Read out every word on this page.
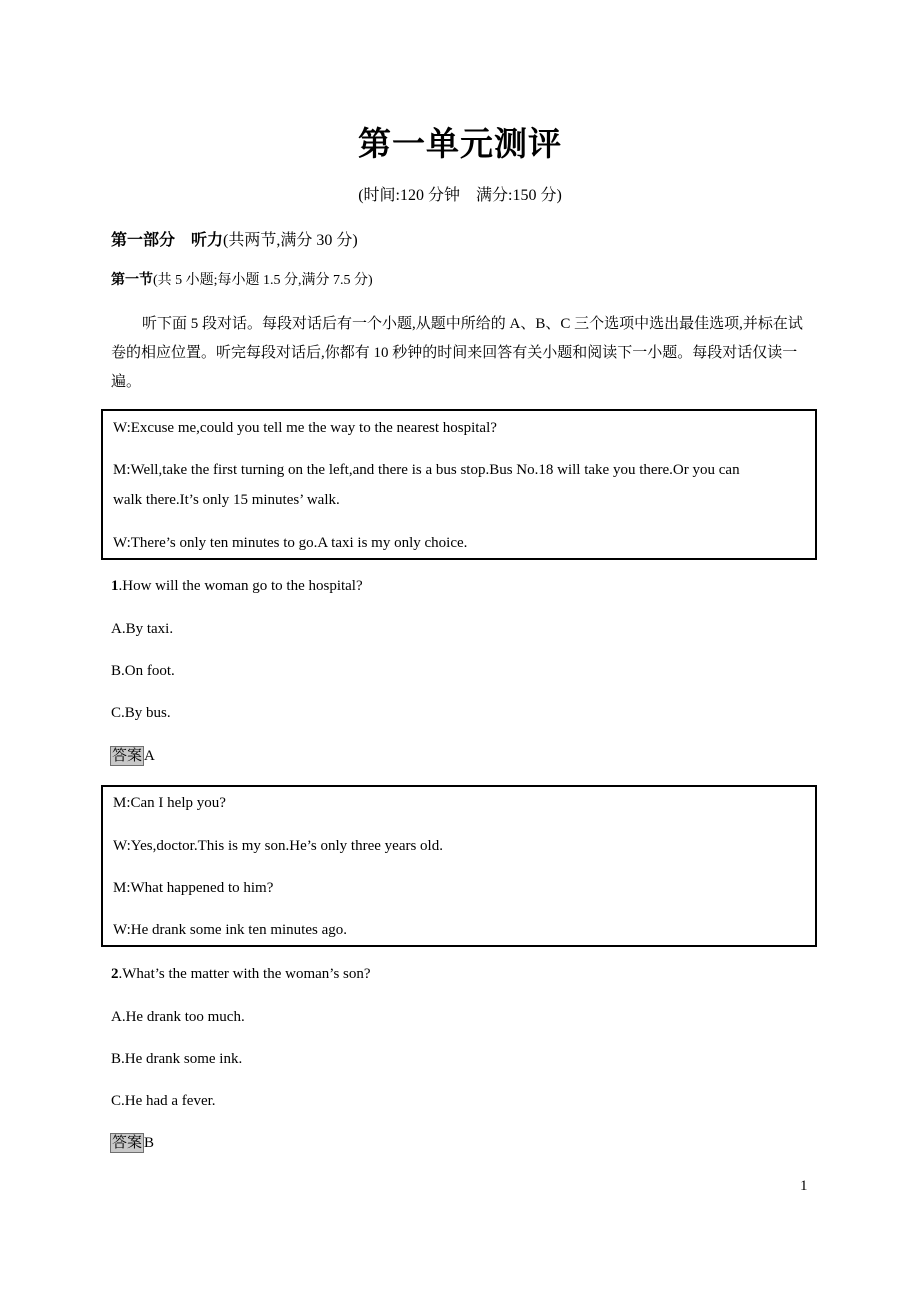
第一单元测评
(时间:120 分钟　满分:150 分)
第一部分　听力(共两节,满分 30 分)
第一节(共 5 小题;每小题 1.5 分,满分 7.5 分)
听下面 5 段对话。每段对话后有一个小题,从题中所给的 A、B、C 三个选项中选出最佳选项,并标在试卷的相应位置。听完每段对话后,你都有 10 秒钟的时间来回答有关小题和阅读下一小题。每段对话仅读一遍。
W:Excuse me,could you tell me the way to the nearest hospital?
M:Well,take the first turning on the left,and there is a bus stop.Bus No.18 will take you there.Or you can
walk there.It’s only 15 minutes’ walk.
W:There’s only ten minutes to go.A taxi is my only choice.
1.How will the woman go to the hospital?
A.By taxi.
B.On foot.
C.By bus.
答案 A
M:Can I help you?
W:Yes,doctor.This is my son.He’s only three years old.
M:What happened to him?
W:He drank some ink ten minutes ago.
2.What’s the matter with the woman’s son?
A.He drank too much.
B.He drank some ink.
C.He had a fever.
答案 B
1
